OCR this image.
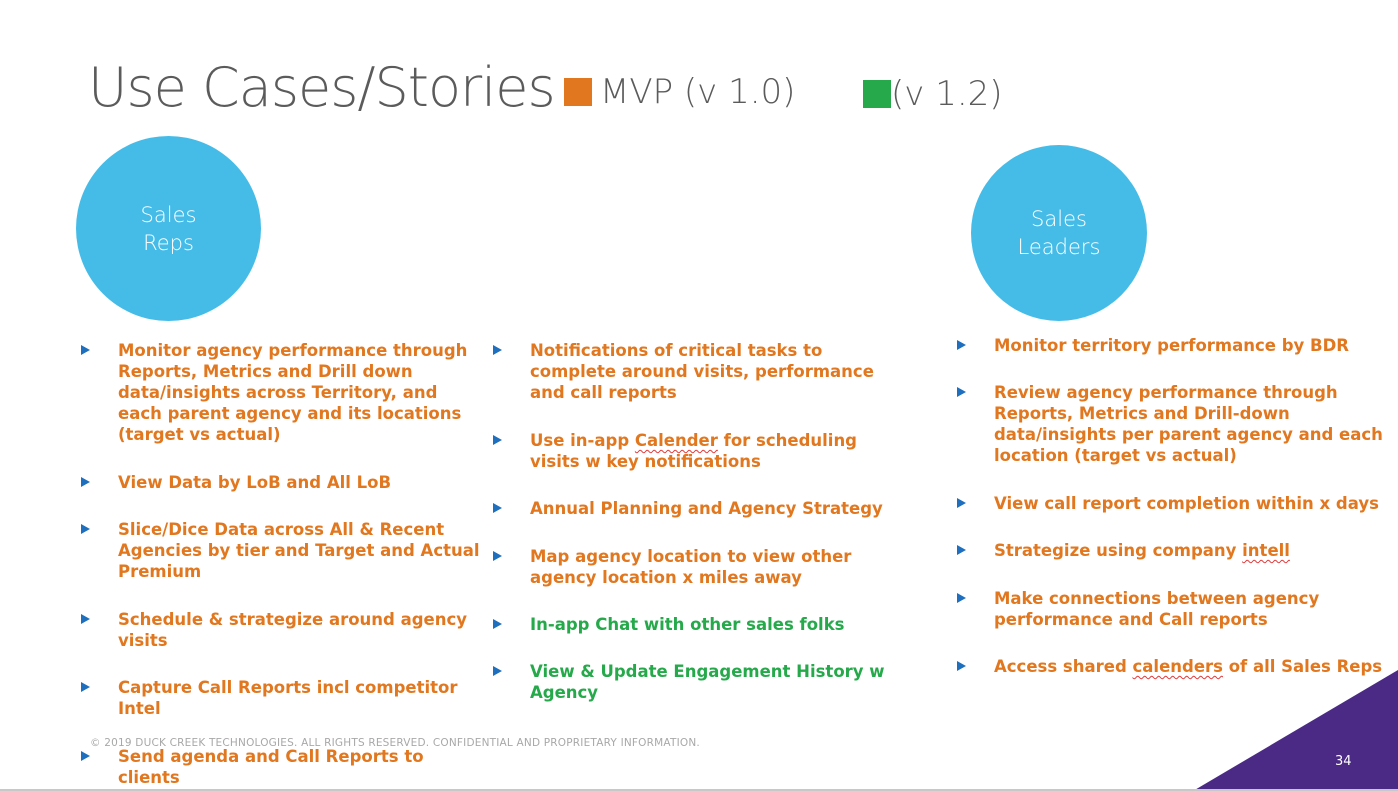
Use Cases/Stories MVP (v 1.0)	(v 1.2)
Sales
Reps
Sales
Leaders
Monitor agency performance through Reports, Metrics and Drill down data/insights across Territory, and each parent agency and its locations (target vs actual)
View Data by LoB and All LoB
Slice/Dice Data across All & Recent Agencies by tier and Target and Actual Premium
Schedule & strategize around agency visits
Capture Call Reports incl competitor Intel
Send agenda and Call Reports to clients
Notifications of critical tasks to complete around visits, performance and call reports
Use in-app Calender for scheduling visits w key notifications
Annual Planning and Agency Strategy
Map agency location to view other agency location x miles away
In-app Chat with other sales folks
View & Update Engagement History w Agency
Monitor territory performance by BDR
Review agency performance through Reports, Metrics and Drill-down data/insights per parent agency and each location (target vs actual)
View call report completion within x days
Strategize using company intell
Make connections between agency performance and Call reports
Access shared calenders of all Sales Reps
© 2019 DUCK CREEK TECHNOLOGIES. ALL RIGHTS RESERVED. CONFIDENTIAL AND PROPRIETARY INFORMATION.
34
